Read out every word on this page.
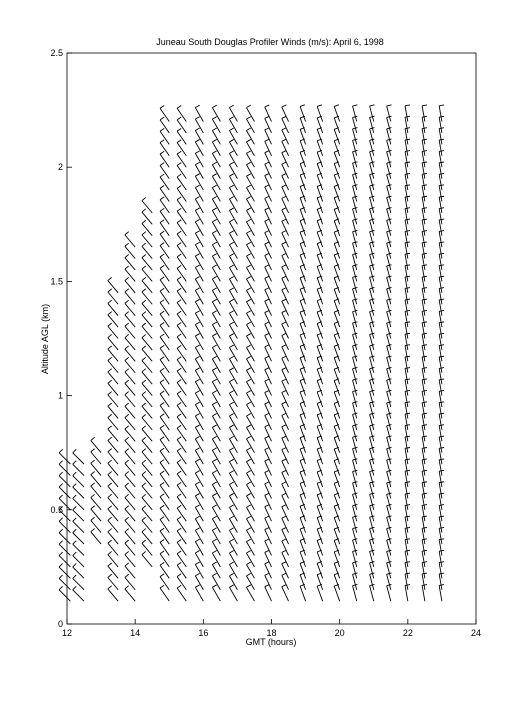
Juneau South Douglas Profiler Winds (m/s): April 6, 1998
12	14	16	18	20	22	24
0
0.5
1
1.5
2
2.5
GMT (hours)
Altitude AGL (km)
